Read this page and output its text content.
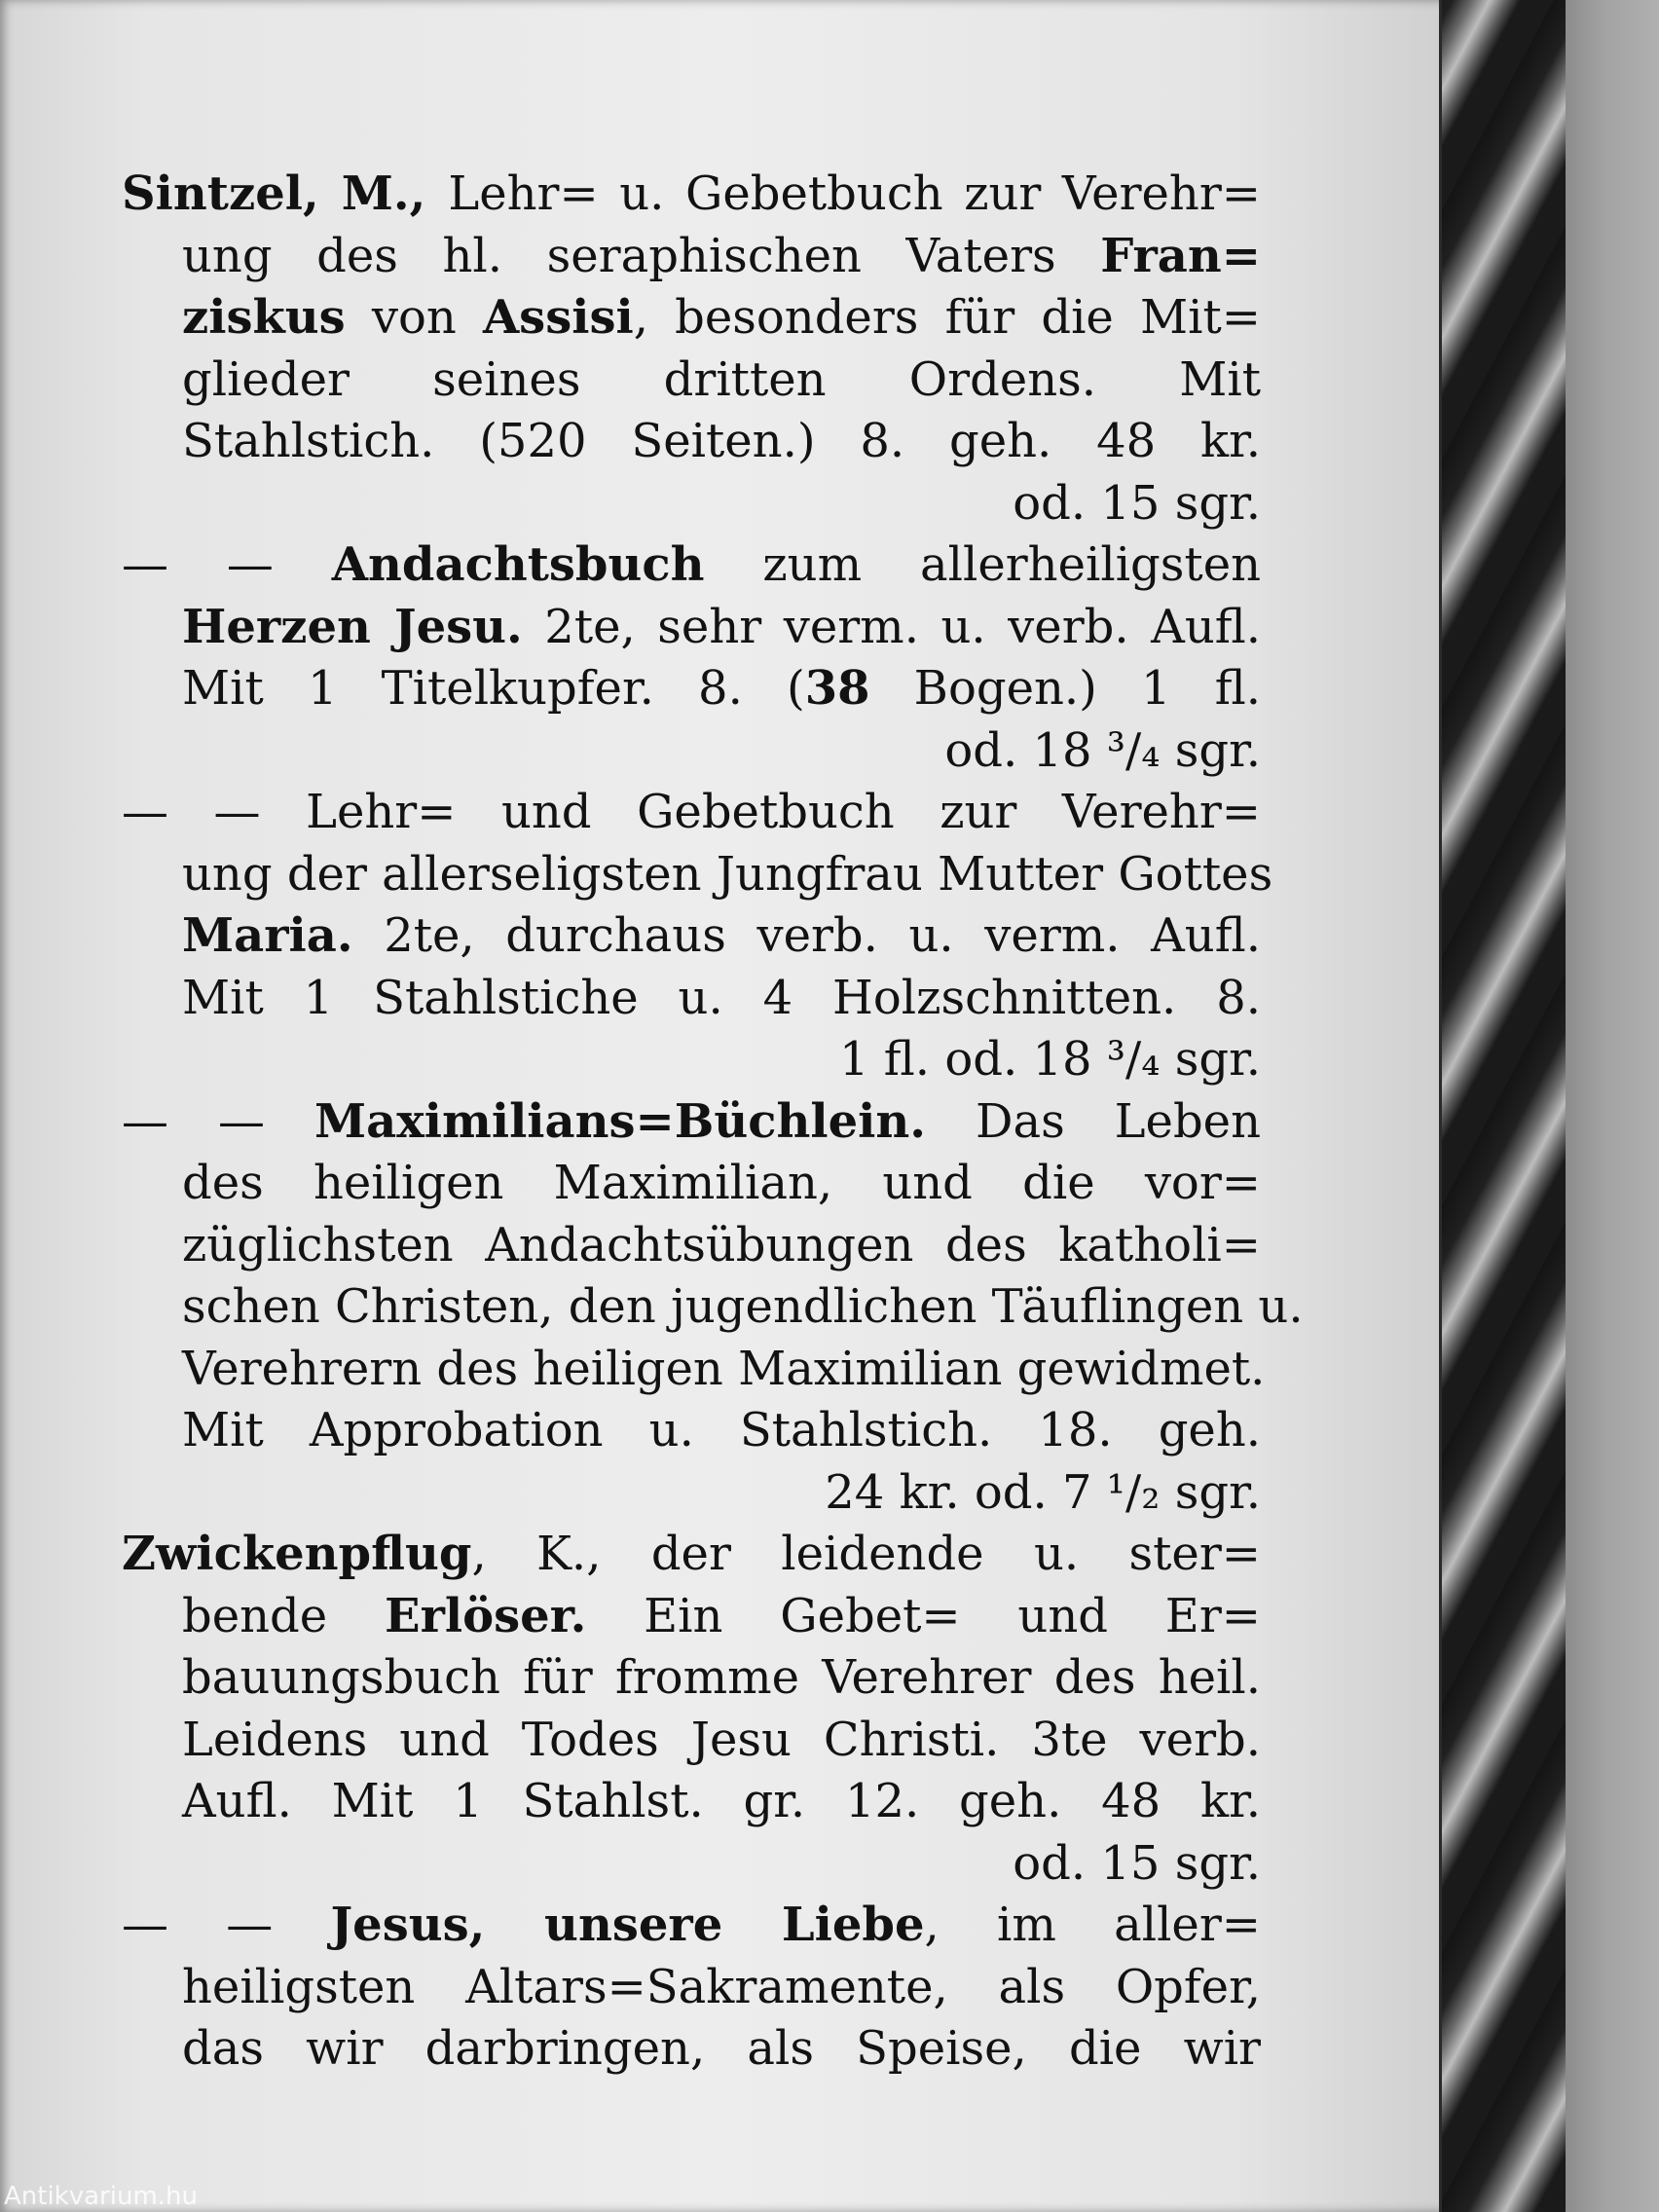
Sintzel, M., Lehr= u. Gebetbuch zur Verehr=
ung des hl. seraphischen Vaters Fran=
ziskus von Assisi, besonders für die Mit=
glieder seines dritten Ordens. Mit
Stahlstich. (520 Seiten.) 8. geh. 48 kr.
od. 15 sgr.
— — Andachtsbuch zum allerheiligsten
Herzen Jesu. 2te, sehr verm. u. verb. Aufl.
Mit 1 Titelkupfer. 8. (38 Bogen.) 1 fl.
od. 18 ³/₄ sgr.
— — Lehr= und Gebetbuch zur Verehr=
ung der allerseligsten Jungfrau Mutter Gottes
Maria. 2te, durchaus verb. u. verm. Aufl.
Mit 1 Stahlstiche u. 4 Holzschnitten. 8.
1 fl. od. 18 ³/₄ sgr.
— — Maximilians=Büchlein. Das Leben
des heiligen Maximilian, und die vor=
züglichsten Andachtsübungen des katholi=
schen Christen, den jugendlichen Täuflingen u.
Verehrern des heiligen Maximilian gewidmet.
Mit Approbation u. Stahlstich. 18. geh.
24 kr. od. 7 ¹/₂ sgr.
Zwickenpflug, K., der leidende u. ster=
bende Erlöser. Ein Gebet= und Er=
bauungsbuch für fromme Verehrer des heil.
Leidens und Todes Jesu Christi. 3te verb.
Aufl. Mit 1 Stahlst. gr. 12. geh. 48 kr.
od. 15 sgr.
— — Jesus, unsere Liebe, im aller=
heiligsten Altars=Sakramente, als Opfer,
das wir darbringen, als Speise, die wir
Antikvarium.hu
